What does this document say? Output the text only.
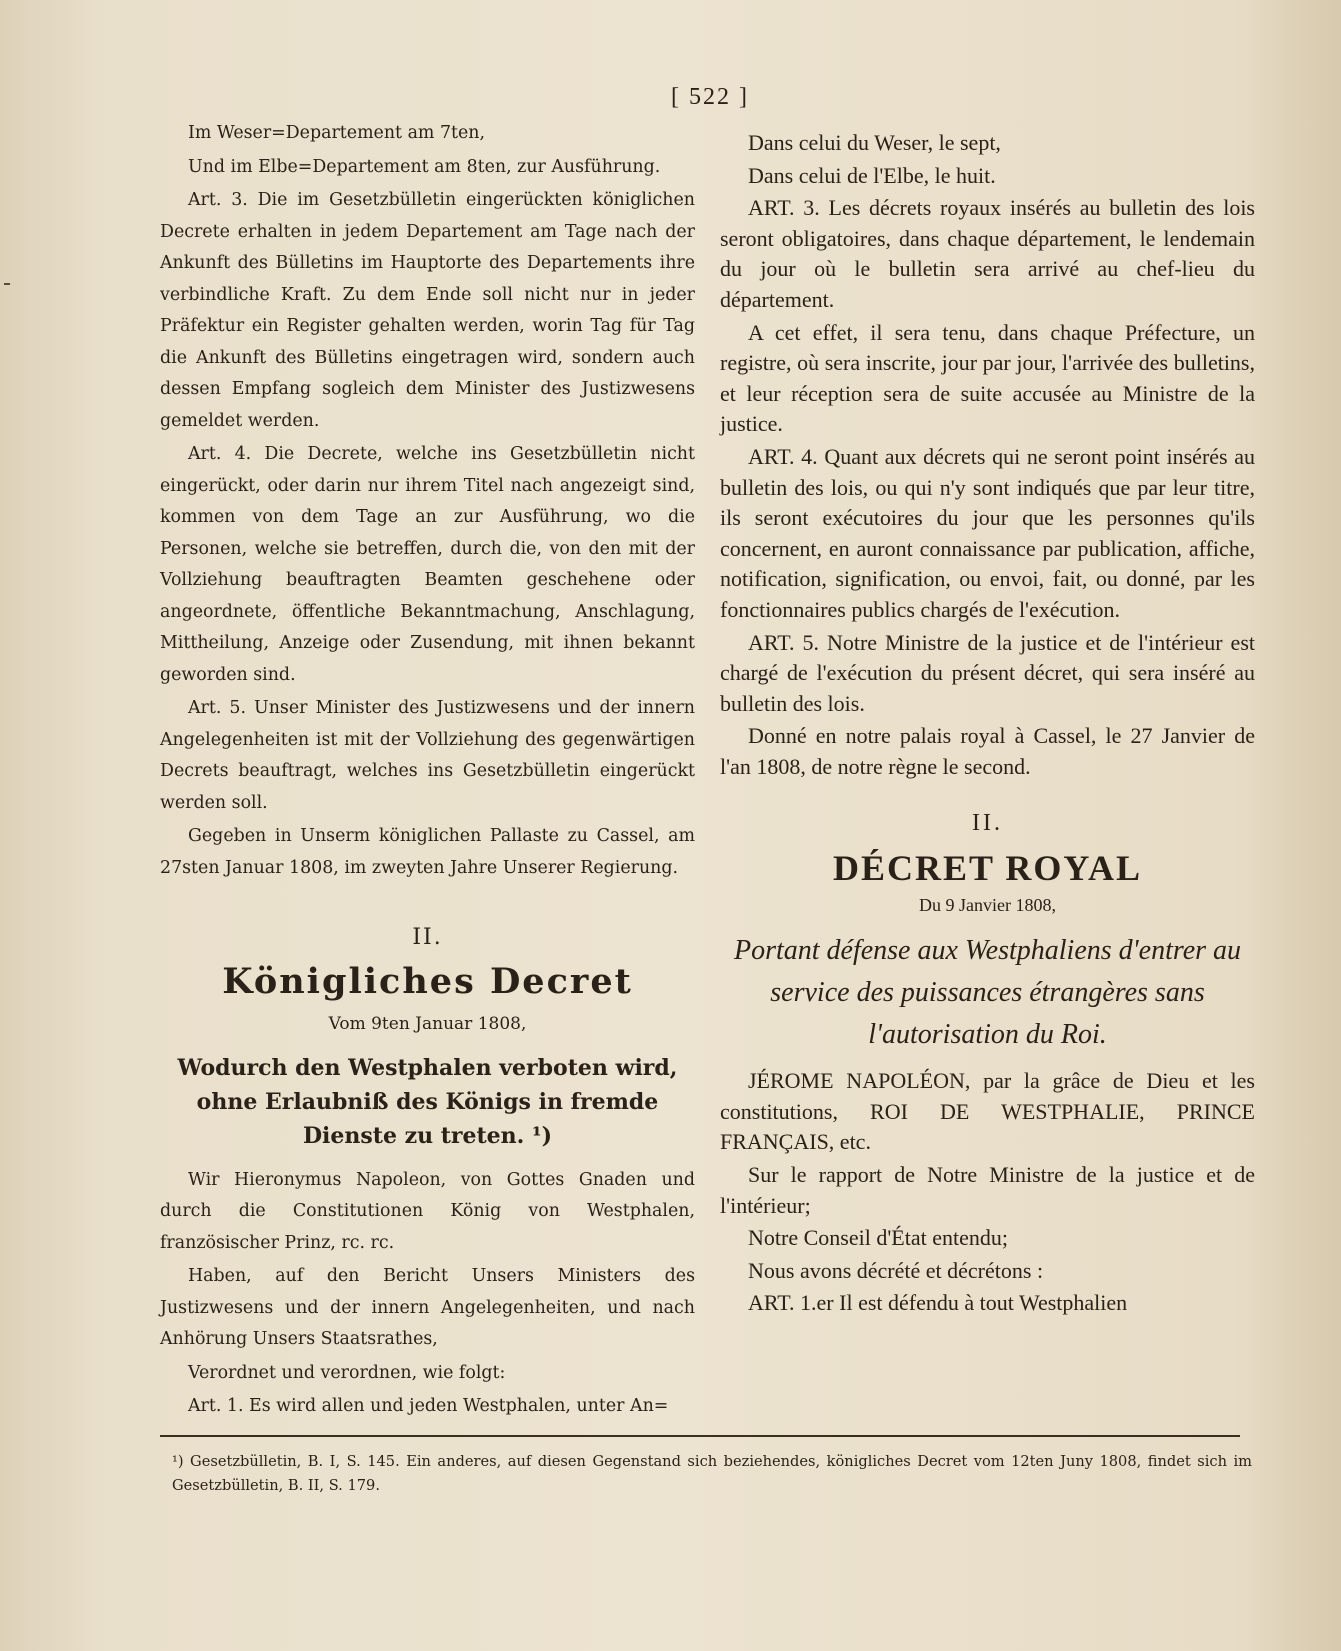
[ 522 ]

Im Weser=Departement am 7ten,

Und im Elbe=Departement am 8ten, zur Ausführung.

Art. 3. Die im Gesetzbülletin eingerückten königlichen Decrete erhalten in jedem Departement am Tage nach der Ankunft des Bülletins im Hauptorte des Departements ihre verbindliche Kraft. Zu dem Ende soll nicht nur in jeder Präfektur ein Register gehalten werden, worin Tag für Tag die Ankunft des Bülletins eingetragen wird, sondern auch dessen Empfang sogleich dem Minister des Justizwesens gemeldet werden.

Art. 4. Die Decrete, welche ins Gesetzbülletin nicht eingerückt, oder darin nur ihrem Titel nach angezeigt sind, kommen von dem Tage an zur Ausführung, wo die Personen, welche sie betreffen, durch die, von den mit der Vollziehung beauftragten Beamten geschehene oder angeordnete, öffentliche Bekanntmachung, Anschlagung, Mittheilung, Anzeige oder Zusendung, mit ihnen bekannt geworden sind.

Art. 5. Unser Minister des Justizwesens und der innern Angelegenheiten ist mit der Vollziehung des gegenwärtigen Decrets beauftragt, welches ins Gesetzbülletin eingerückt werden soll.

Gegeben in Unserm königlichen Pallaste zu Cassel, am 27sten Januar 1808, im zweyten Jahre Unserer Regierung.

II.
Königliches Decret
Vom 9ten Januar 1808,
Wodurch den Westphalen verboten wird, ohne Erlaubniß des Königs in fremde Dienste zu treten. ¹)

Wir Hieronymus Napoleon, von Gottes Gnaden und durch die Constitutionen König von Westphalen, französischer Prinz, rc. rc.

Haben, auf den Bericht Unsers Ministers des Justizwesens und der innern Angelegenheiten, und nach Anhörung Unsers Staatsrathes,

Verordnet und verordnen, wie folgt:

Art. 1. Es wird allen und jeden Westphalen, unter An=

Dans celui du Weser, le sept,

Dans celui de l'Elbe, le huit.

ART. 3. Les décrets royaux insérés au bulletin des lois seront obligatoires, dans chaque département, le lendemain du jour où le bulletin sera arrivé au chef-lieu du département.

A cet effet, il sera tenu, dans chaque Préfecture, un registre, où sera inscrite, jour par jour, l'arrivée des bulletins, et leur réception sera de suite accusée au Ministre de la justice.

ART. 4. Quant aux décrets qui ne seront point insérés au bulletin des lois, ou qui n'y sont indiqués que par leur titre, ils seront exécutoires du jour que les personnes qu'ils concernent, en auront connaissance par publication, affiche, notification, signification, ou envoi, fait, ou donné, par les fonctionnaires publics chargés de l'exécution.

ART. 5. Notre Ministre de la justice et de l'intérieur est chargé de l'exécution du présent décret, qui sera inséré au bulletin des lois.

Donné en notre palais royal à Cassel, le 27 Janvier de l'an 1808, de notre règne le second.

II.
DÉCRET ROYAL
Du 9 Janvier 1808,
Portant défense aux Westphaliens d'entrer au service des puissances étrangères sans l'autorisation du Roi.

JÉROME NAPOLÉON, par la grâce de Dieu et les constitutions, ROI DE WESTPHALIE, PRINCE FRANÇAIS, etc.

Sur le rapport de Notre Ministre de la justice et de l'intérieur;

Notre Conseil d'État entendu;

Nous avons décrété et décrétons :

ART. 1.er Il est défendu à tout Westphalien

¹) Gesetzbülletin, B. I, S. 145. Ein anderes, auf diesen Gegenstand sich beziehendes, königliches Decret vom 12ten Juny 1808, findet sich im Gesetzbülletin, B. II, S. 179.
